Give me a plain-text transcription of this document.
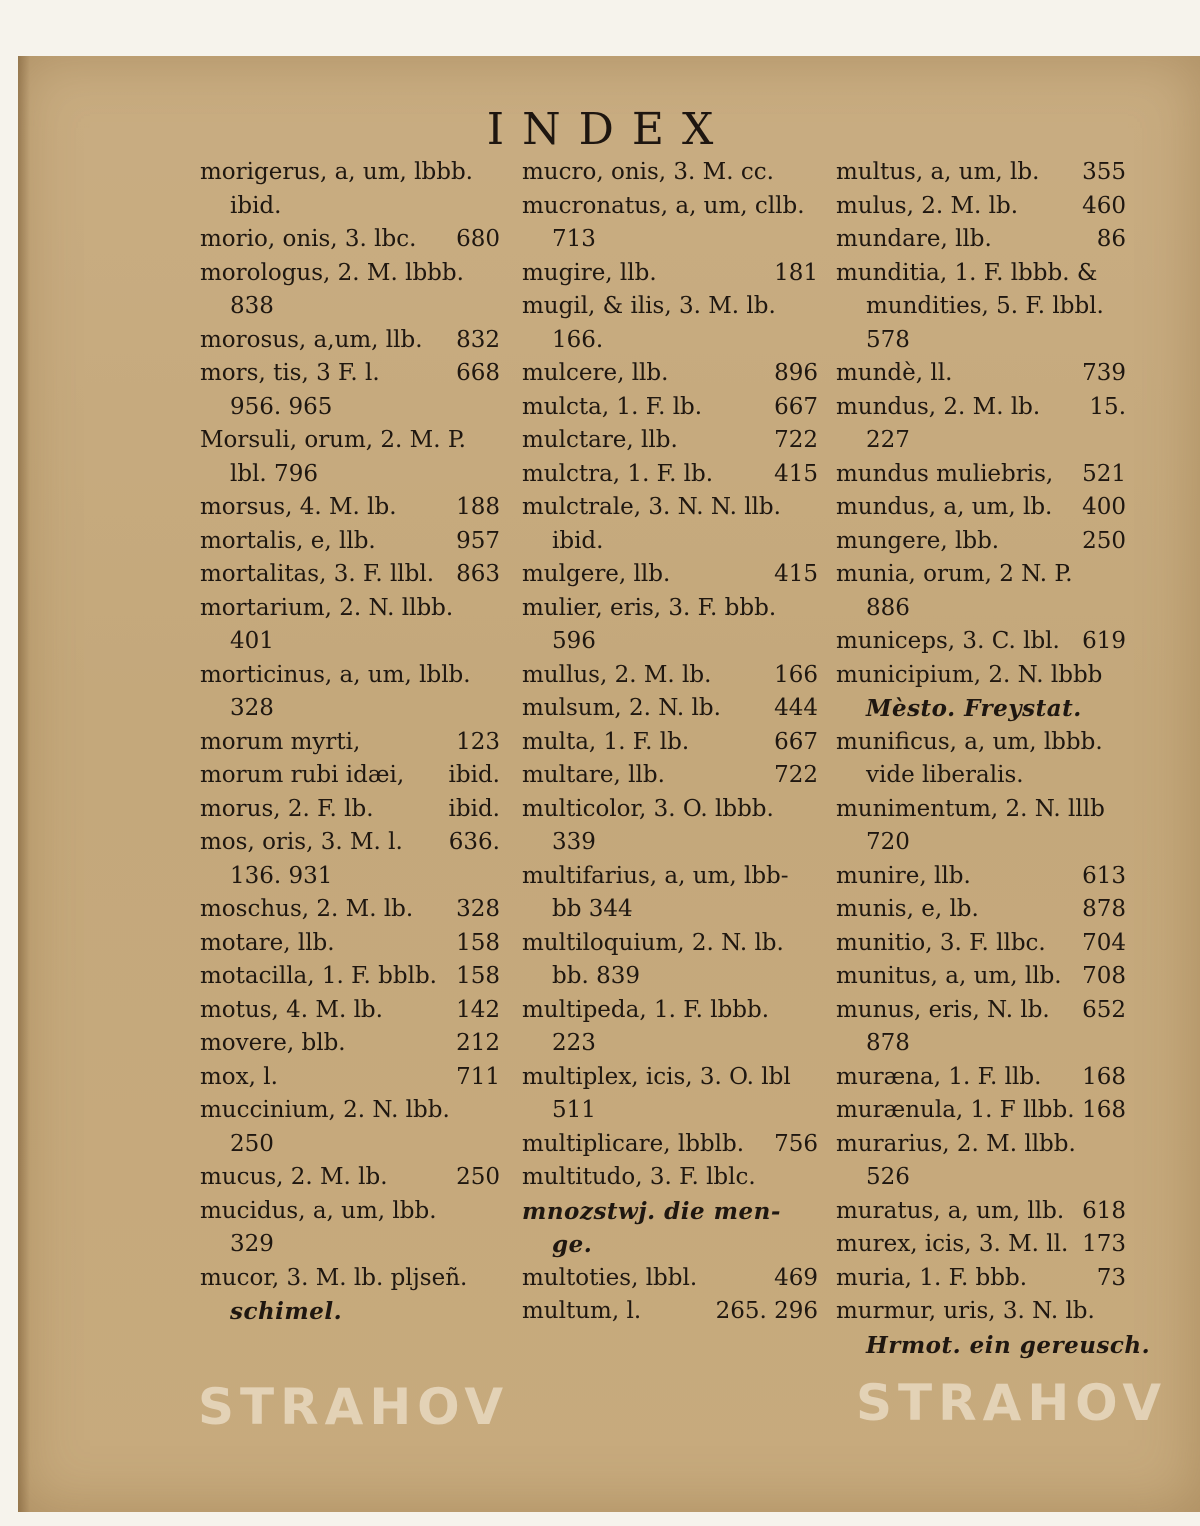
INDEX
morigerus, a, um, lbbb.
ibid.
morio, onis, 3. lbc. 680
morologus, 2. M. lbbb.
838
morosus, a,um, llb. 832
mors, tis, 3 F. l.	668
956. 965
Morsuli, orum, 2. M. P.
lbl. 796
morsus, 4. M. lb.	188
mortalis, e, llb.	957
mortalitas, 3. F. llbl. 863
mortarium, 2. N. llbb.
401
morticinus, a, um, lblb.
328
morum myrti,	123
morum rubi idæi, ibid.
morus, 2. F. lb.	ibid.
mos, oris, 3. M. l. 636.
136. 931
moschus, 2. M. lb. 328
motare, llb.	158
motacilla, 1. F. bblb. 158
motus, 4. M. lb.	142
movere, blb.	212
mox, l.	711
muccinium, 2. N. lbb.
250
mucus, 2. M. lb.	250
mucidus, a, um, lbb.
329
mucor, 3. M. lb. pljseñ.
schimel.
mucro, onis, 3. M. cc.
mucronatus, a, um, cllb.
713
mugire, llb.	181
mugil, & ilis, 3. M. lb.
166.
mulcere, llb.	896
mulcta, 1. F. lb.	667
mulctare, llb.	722
mulctra, 1. F. lb.	415
mulctrale, 3. N. N. llb.
ibid.
mulgere, llb.	415
mulier, eris, 3. F. bbb.
596
mullus, 2. M. lb.	166
mulsum, 2. N. lb. 444
multa, 1. F. lb.	667
multare, llb.	722
multicolor, 3. O. lbbb.
339
multifarius, a, um, lbb-
bb 344
multiloquium, 2. N. lb.
bb. 839
multipeda, 1. F. lbbb.
223
multiplex, icis, 3. O. lbl
511
multiplicare, lbblb. 756
multitudo, 3. F. lblc.
mnozstwj. die men-
ge.
multoties, lbbl.	469
multum, l.	265. 296
multus, a, um, lb. 355
mulus, 2. M. lb.	460
mundare, llb.	86
munditia, 1. F. lbbb. &
mundities, 5. F. lbbl.
578
mundè, ll.	739
mundus, 2. M. lb. 15.
227
mundus muliebris, 521
mundus, a, um, lb. 400
mungere, lbb.	250
munia, orum, 2 N. P.
886
municeps, 3. C. lbl. 619
municipium, 2. N. lbbb
Mèsto. Freystat.
munificus, a, um, lbbb.
vide liberalis.
munimentum, 2. N. lllb
720
munire, llb.	613
munis, e, lb.	878
munitio, 3. F. llbc. 704
munitus, a, um, llb. 708
munus, eris, N. lb. 652
878
muræna, 1. F. llb. 168
murænula, 1. F llbb. 168
murarius, 2. M. llbb.
526
muratus, a, um, llb. 618
murex, icis, 3. M. ll. 173
muria, 1. F. bbb.	73
murmur, uris, 3. N. lb.
Hrmot. ein gereusch.
STRAHOV	STRAHOV
